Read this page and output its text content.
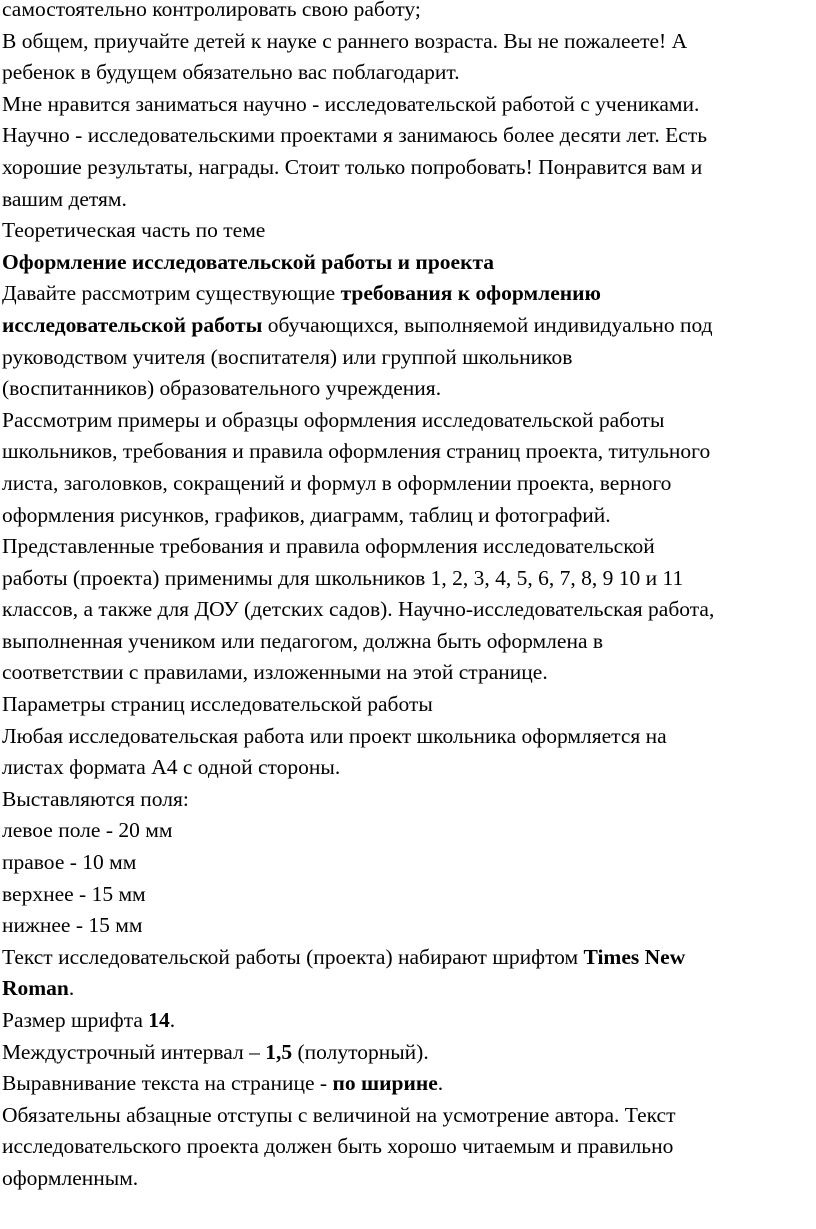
самостоятельно контролировать свою работу;
В общем, приучайте детей к науке с раннего возраста. Вы не пожалеете! А
ребенок в будущем обязательно вас поблагодарит.
Мне нравится заниматься научно - исследовательской работой с учениками.
Научно - исследовательскими проектами я занимаюсь более десяти лет. Есть
хорошие результаты, награды. Стоит только попробовать! Понравится вам и
вашим детям.
Теоретическая часть по теме
Оформление исследовательской работы и проекта
Давайте рассмотрим существующие требования к оформлению
исследовательской работы обучающихся, выполняемой индивидуально под
руководством учителя (воспитателя) или группой школьников
(воспитанников) образовательного учреждения.
Рассмотрим примеры и образцы оформления исследовательской работы
школьников, требования и правила оформления страниц проекта, титульного
листа, заголовков, сокращений и формул в оформлении проекта, верного
оформления рисунков, графиков, диаграмм, таблиц и фотографий.
Представленные требования и правила оформления исследовательской
работы (проекта) применимы для школьников 1, 2, 3, 4, 5, 6, 7, 8, 9 10 и 11
классов, а также для ДОУ (детских садов). Научно-исследовательская работа,
выполненная учеником или педагогом, должна быть оформлена в
соответствии с правилами, изложенными на этой странице.
Параметры страниц исследовательской работы
Любая исследовательская работа или проект школьника оформляется на
листах формата А4 с одной стороны.
Выставляются поля:
левое поле - 20 мм
правое - 10 мм
верхнее - 15 мм
нижнее - 15 мм
Текст исследовательской работы (проекта) набирают шрифтом Times New
Roman.
Размер шрифта 14.
Междустрочный интервал – 1,5 (полуторный).
Выравнивание текста на странице - по ширине.
Обязательны абзацные отступы с величиной на усмотрение автора. Текст
исследовательского проекта должен быть хорошо читаемым и правильно
оформленным.
